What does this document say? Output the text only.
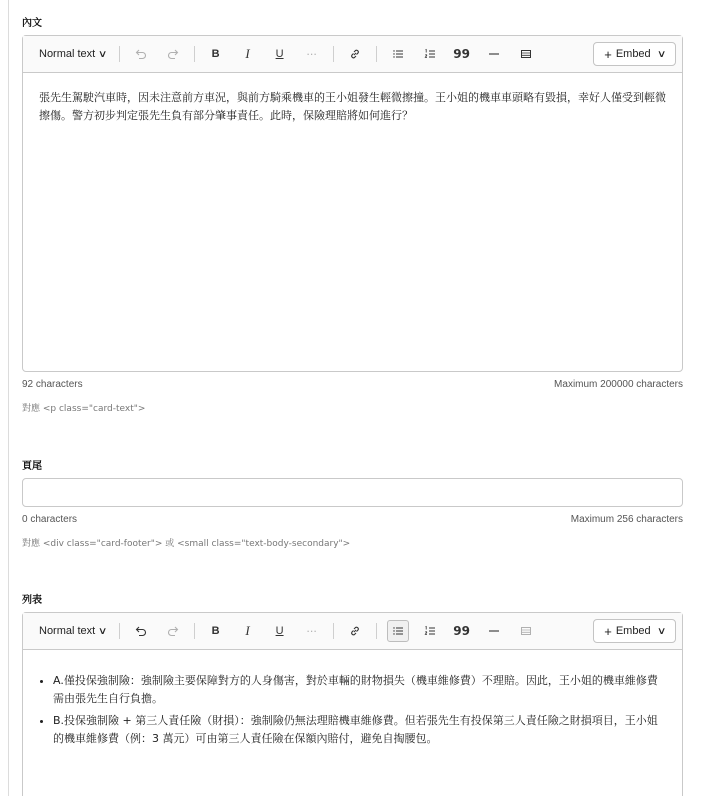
內文
Normal text ∨	B	I	U	···	99	+ Embed ∨

張先生駕駛汽車時，因未注意前方車況，與前方騎乘機車的王小姐發生輕微擦撞。王小姐的機車車頭略有毀損，幸好人僅受到輕微擦傷。警方初步判定張先生負有部分肇事責任。此時，保險理賠將如何進行？

92 characters	Maximum 200000 characters
對應 <p class="card-text">
頁尾
0 characters	Maximum 256 characters
對應 <div class="card-footer"> 或 <small class="text-body-secondary">
列表
Normal text ∨	B	I	U	···	99	+ Embed ∨
• A.僅投保強制險：強制險主要保障對方的人身傷害，對於車輛的財物損失（機車維修費）不理賠。因此，王小姐的機車維修費需由張先生自行負擔。
• B.投保強制險 + 第三人責任險（財損）：強制險仍無法理賠機車維修費。但若張先生有投保第三人責任險之財損項目，王小姐的機車維修費（例：3 萬元）可由第三人責任險在保額內賠付，避免自掏腰包。
